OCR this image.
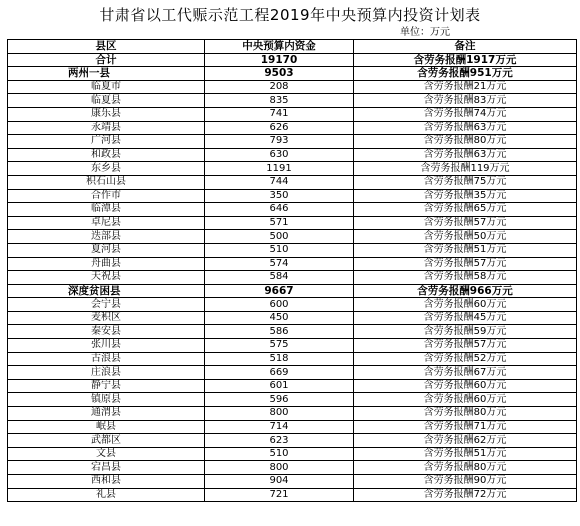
甘肃省以工代赈示范工程2019年中央预算内投资计划表
单位：万元
县区	中央预算内资金	备注
合计	19170	含劳务报酬1917万元
两州一县	9503	含劳务报酬951万元
临夏市	208	含劳务报酬21万元
临夏县	835	含劳务报酬83万元
康乐县	741	含劳务报酬74万元
永靖县	626	含劳务报酬63万元
广河县	793	含劳务报酬80万元
和政县	630	含劳务报酬63万元
东乡县	1191	含劳务报酬119万元
积石山县	744	含劳务报酬75万元
合作市	350	含劳务报酬35万元
临潭县	646	含劳务报酬65万元
卓尼县	571	含劳务报酬57万元
迭部县	500	含劳务报酬50万元
夏河县	510	含劳务报酬51万元
舟曲县	574	含劳务报酬57万元
天祝县	584	含劳务报酬58万元
深度贫困县	9667	含劳务报酬966万元
会宁县	600	含劳务报酬60万元
麦积区	450	含劳务报酬45万元
秦安县	586	含劳务报酬59万元
张川县	575	含劳务报酬57万元
古浪县	518	含劳务报酬52万元
庄浪县	669	含劳务报酬67万元
静宁县	601	含劳务报酬60万元
镇原县	596	含劳务报酬60万元
通渭县	800	含劳务报酬80万元
岷县	714	含劳务报酬71万元
武都区	623	含劳务报酬62万元
文县	510	含劳务报酬51万元
宕昌县	800	含劳务报酬80万元
西和县	904	含劳务报酬90万元
礼县	721	含劳务报酬72万元
